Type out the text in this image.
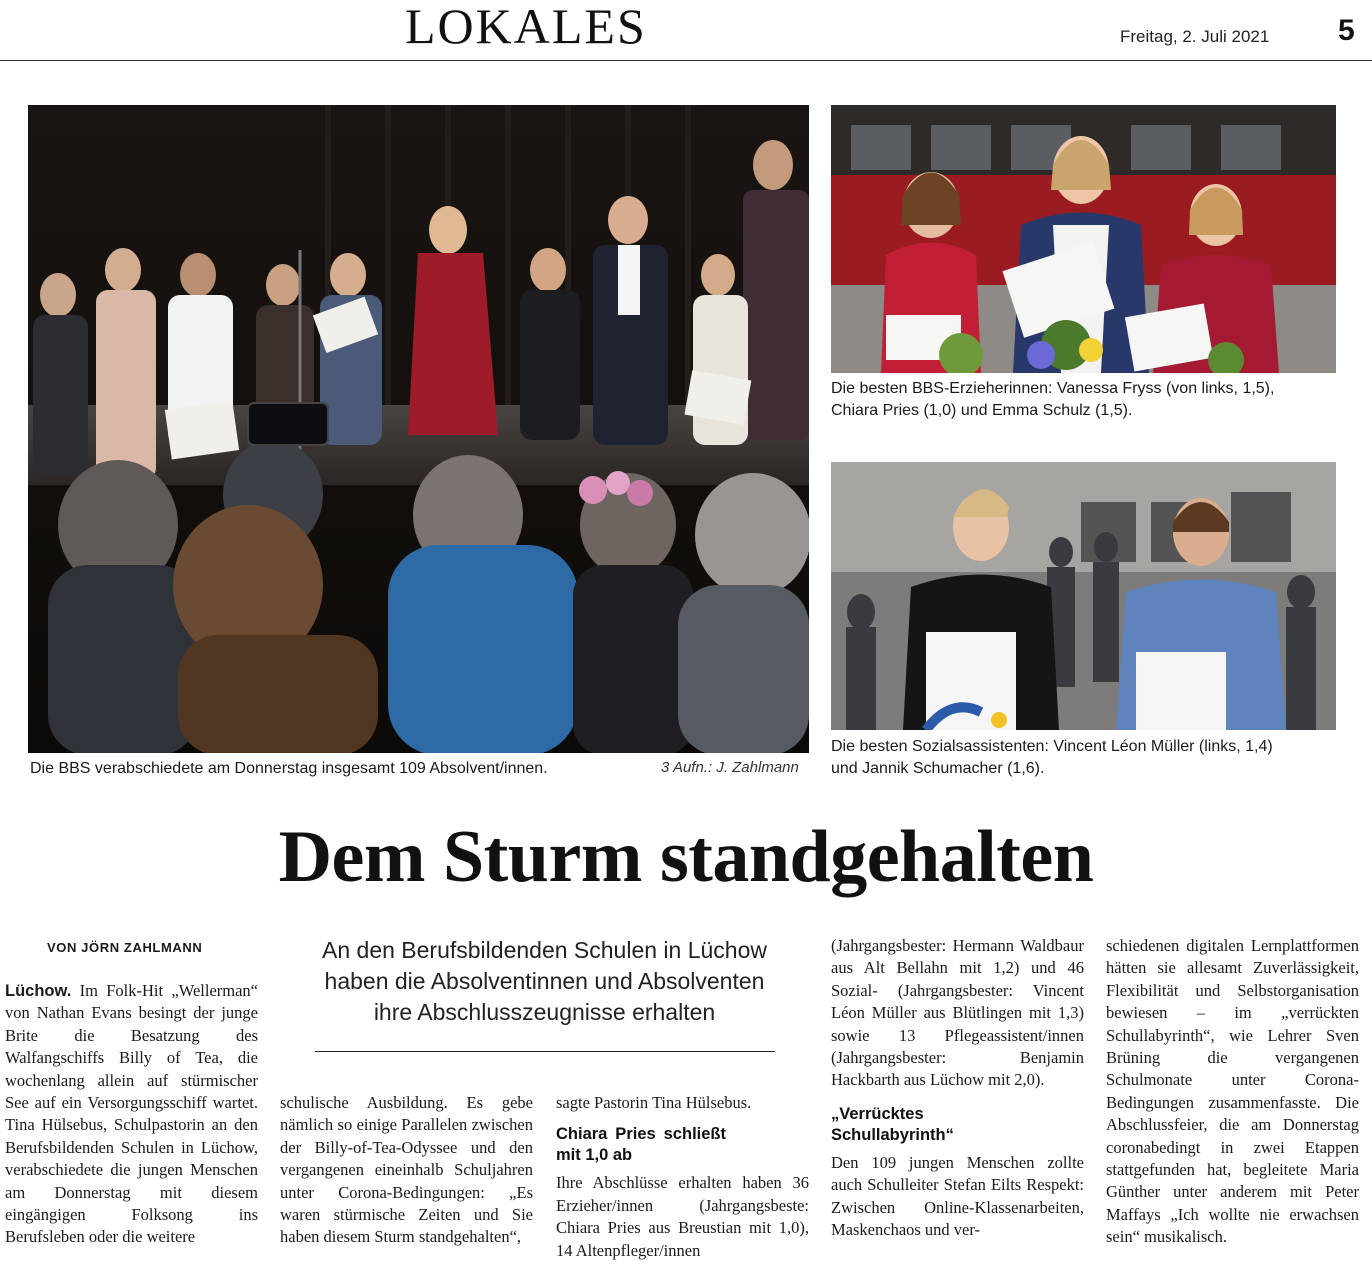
LOKALES	Freitag, 2. Juli 2021 5
Die BBS verabschiedete am Donnerstag insgesamt 109 Absolvent/innen.	3 Aufn.: J. Zahlmann
Die besten BBS-Erzieherinnen: Vanessa Fryss (von links, 1,5),
Chiara Pries (1,0) und Emma Schulz (1,5).
Die besten Sozialsassistenten: Vincent Léon Müller (links, 1,4)
und Jannik Schumacher (1,6).
Dem Sturm standgehalten
VON JÖRN ZAHLMANN	An den Berufsbildenden Schulen in Lüchow
haben die Absolventinnen und Absolventen
ihre Abschlusszeugnisse erhalten

Lüchow. Im Folk-Hit „Wellerman“ von Nathan Evans besingt der junge Brite die Besatzung des Walfangschiffs Billy of Tea, die wochenlang allein auf stürmischer See auf ein Versorgungsschiff wartet. Tina Hülsebus, Schulpastorin an den Berufsbildenden Schulen in Lüchow, verabschiedete die jungen Menschen am Donnerstag mit diesem eingängigen Folksong ins Berufsleben oder die weitere

schulische Ausbildung. Es gebe nämlich so einige Parallelen zwischen der Billy-of-Tea-Odyssee und den vergangenen eineinhalb Schuljahren unter Corona-Bedingungen: „Es waren stürmische Zeiten und Sie haben diesem Sturm standgehalten“,

sagte Pastorin Tina Hülsebus.

Chiara Pries schließt mit 1,0 ab

Ihre Abschlüsse erhalten haben 36 Erzieher/innen (Jahrgangsbeste: Chiara Pries aus Breustian mit 1,0), 14 Altenpfleger/innen

(Jahrgangsbester: Hermann Waldbaur aus Alt Bellahn mit 1,2) und 46 Sozial- (Jahrgangsbester: Vincent Léon Müller aus Blütlingen mit 1,3) sowie 13 Pflegeassistent/innen (Jahrgangsbester: Benjamin Hackbarth aus Lüchow mit 2,0).

„Verrücktes Schullabyrinth“

Den 109 jungen Menschen zollte auch Schulleiter Stefan Eilts Respekt: Zwischen Online-Klassenarbeiten, Maskenchaos und ver-

schiedenen digitalen Lernplattformen hätten sie allesamt Zuverlässigkeit, Flexibilität und Selbstorganisation bewiesen – im „verrückten Schullabyrinth“, wie Lehrer Sven Brüning die vergangenen Schulmonate unter Corona-Bedingungen zusammenfasste. Die Abschlussfeier, die am Donnerstag coronabedingt in zwei Etappen stattgefunden hat, begleitete Maria Günther unter anderem mit Peter Maffays „Ich wollte nie erwachsen sein“ musikalisch.
